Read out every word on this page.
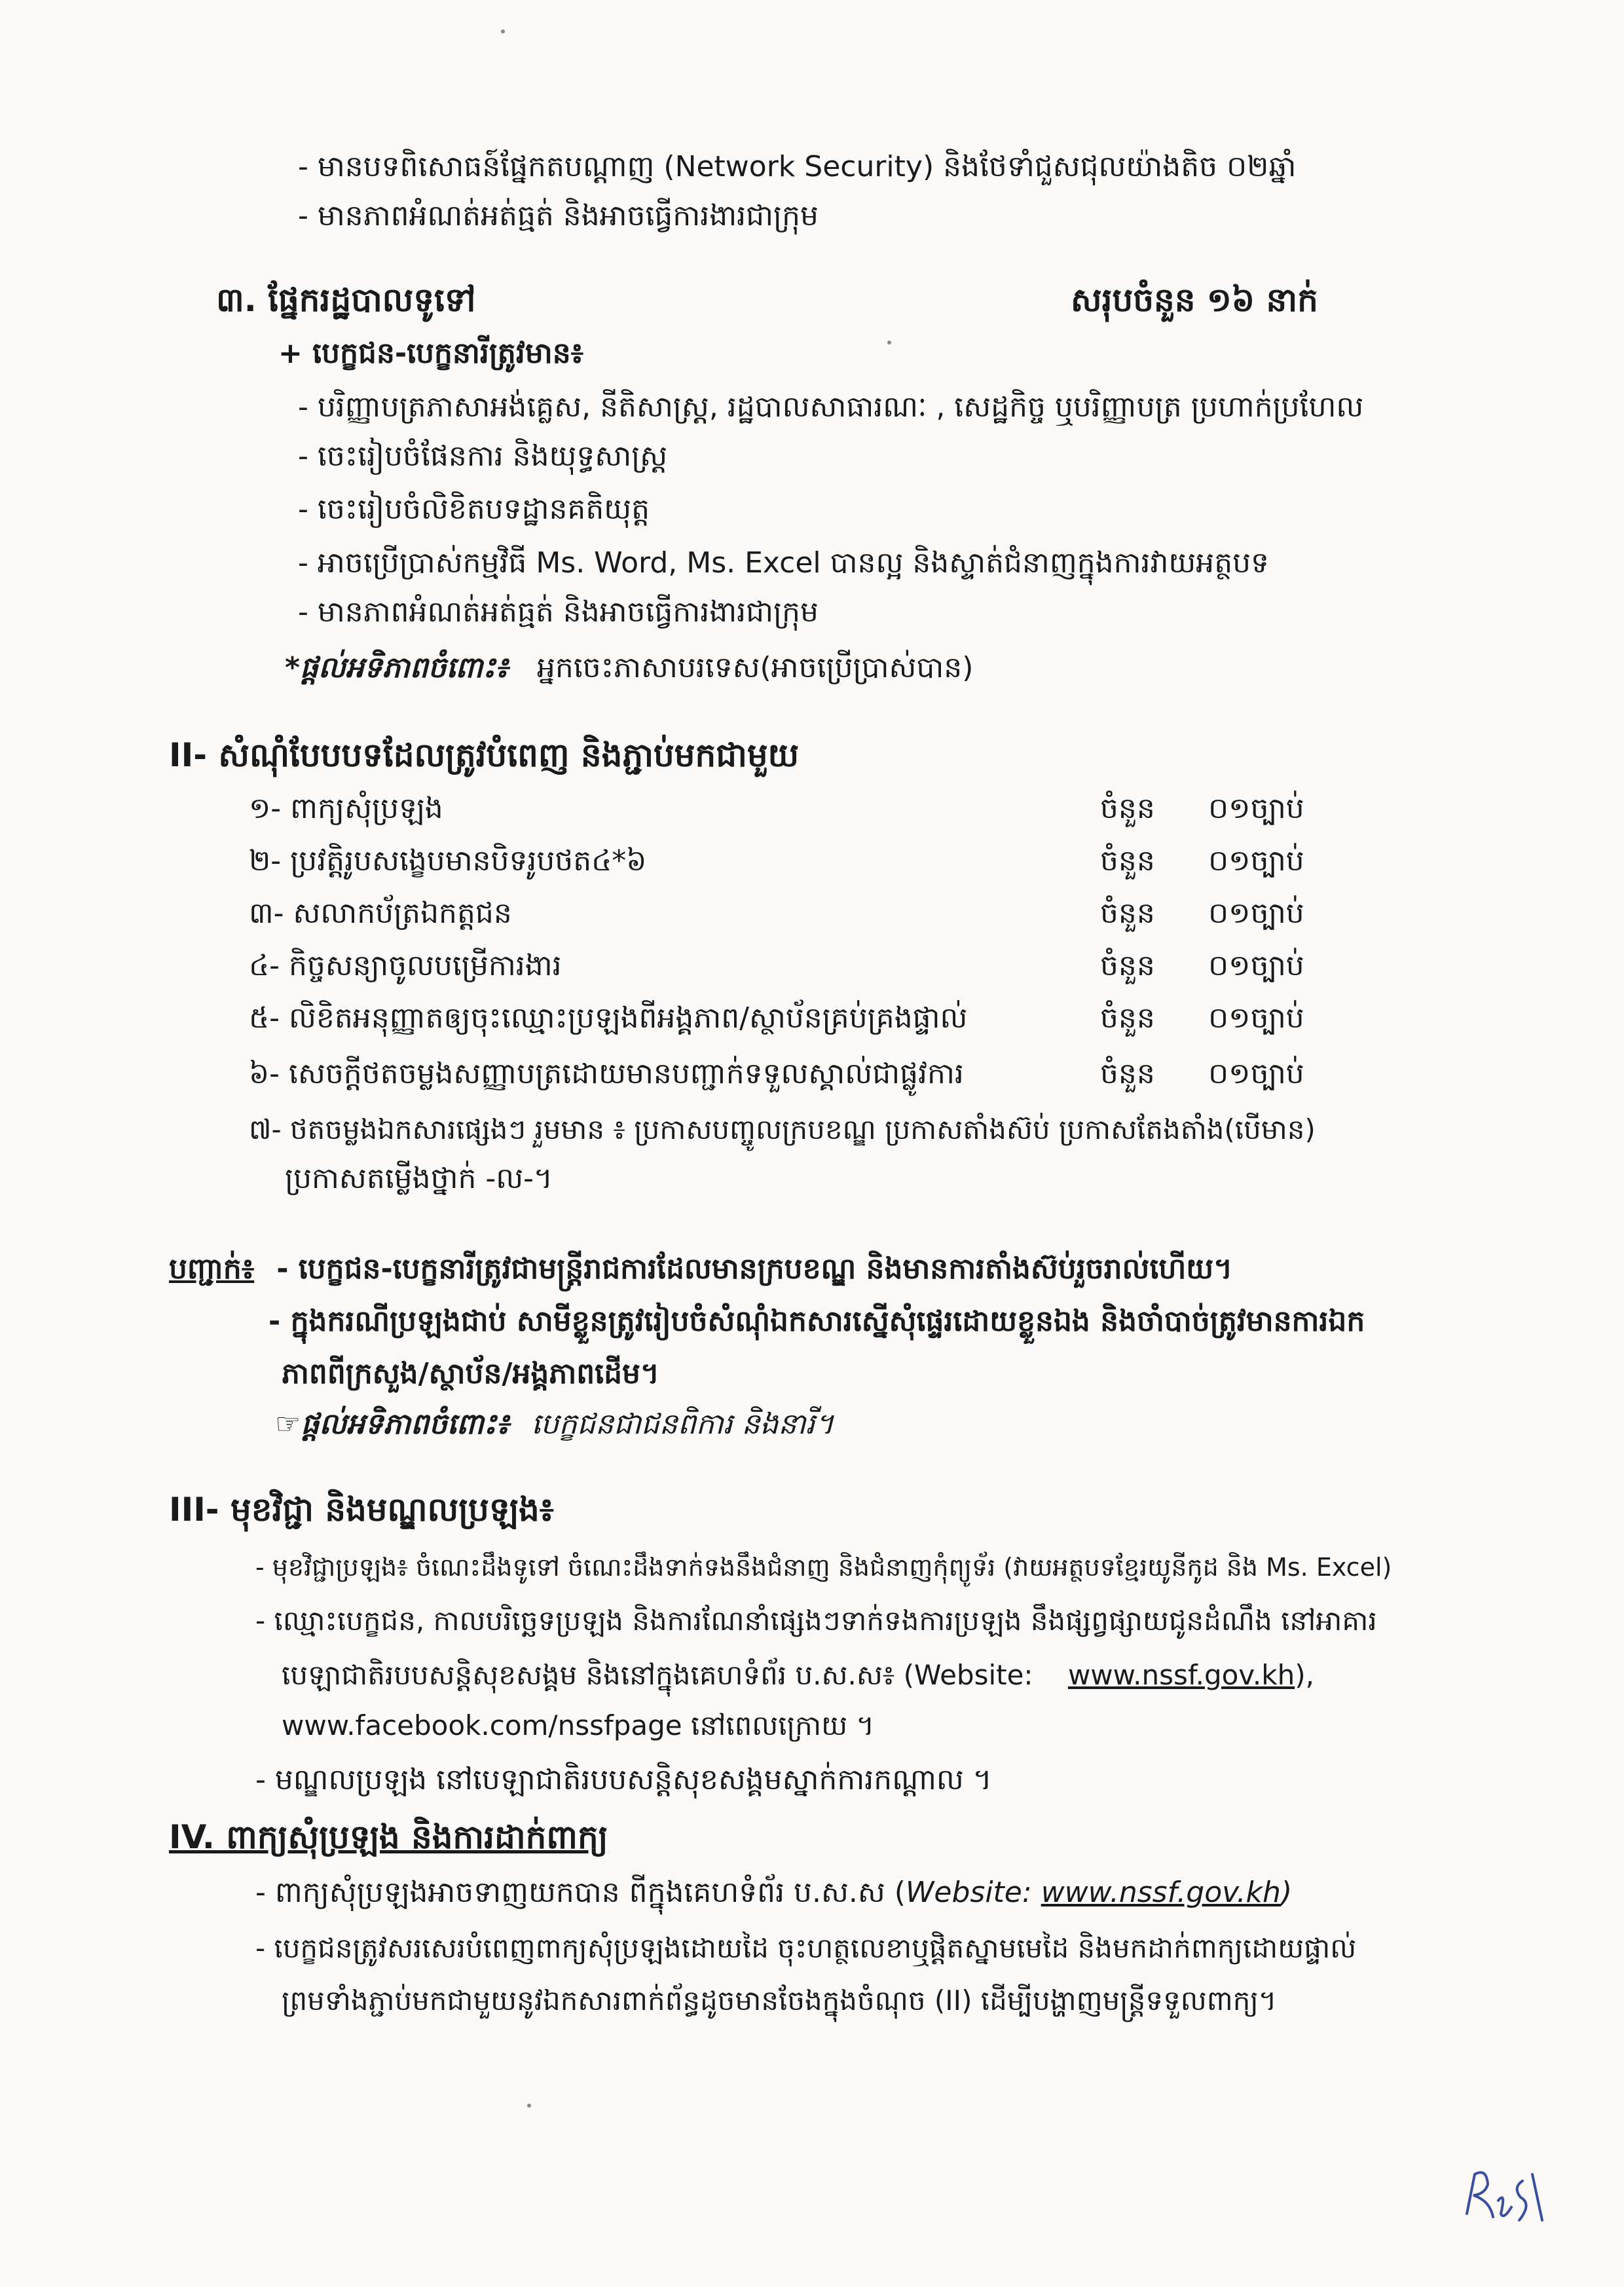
- មានបទពិសោធន៍ផ្នែកតបណ្ដាញ (Network Security) និងថែទាំជួសជុលយ៉ាងតិច ០២ឆ្នាំ
- មានភាពអំណត់អត់ធ្មត់ និងអាចធ្វើការងារជាក្រុម
៣. ផ្នែករដ្ឋបាលទូទៅ	សរុបចំនួន ១៦ នាក់
+ បេក្ខជន-បេក្ខនារីត្រូវមាន៖
- បរិញ្ញាបត្រភាសាអង់គ្លេស, នីតិសាស្ត្រ, រដ្ឋបាលសាធារណៈ , សេដ្ឋកិច្ច ឬបរិញ្ញាបត្រ ប្រហាក់ប្រហែល
- ចេះរៀបចំផែនការ និងយុទ្ធសាស្ត្រ
- ចេះរៀបចំលិខិតបទដ្ឋានគតិយុត្ត
- អាចប្រើប្រាស់កម្មវិធី Ms. Word, Ms. Excel បានល្អ និងស្ទាត់ជំនាញក្នុងការវាយអត្ថបទ
- មានភាពអំណត់អត់ធ្មត់ និងអាចធ្វើការងារជាក្រុម
*ផ្តល់អទិភាពចំពោះ៖ អ្នកចេះភាសាបរទេស(អាចប្រើប្រាស់បាន)
II- សំណុំបែបបទដែលត្រូវបំពេញ និងភ្ជាប់មកជាមួយ
១- ពាក្យសុំប្រឡង	ចំនួន ០១ច្បាប់
២- ប្រវត្តិរូបសង្ខេបមានបិទរូបថត៤*៦	ចំនួន ០១ច្បាប់
៣- សលាកប័ត្រឯកត្តជន	ចំនួន ០១ច្បាប់
៤- កិច្ចសន្យាចូលបម្រើការងារ	ចំនួន ០១ច្បាប់
៥- លិខិតអនុញ្ញាតឲ្យចុះឈ្មោះប្រឡងពីអង្គភាព/ស្ថាប័នគ្រប់គ្រងផ្ទាល់	ចំនួន ០១ច្បាប់
៦- សេចក្តីថតចម្លងសញ្ញាបត្រដោយមានបញ្ជាក់ទទួលស្គាល់ជាផ្លូវការ	ចំនួន ០១ច្បាប់
៧- ថតចម្លងឯកសារផ្សេងៗ រួមមាន ៖ ប្រកាសបញ្ចូលក្របខណ្ឌ ប្រកាសតាំងស៊ប់ ប្រកាសតែងតាំង(បើមាន)
ប្រកាសតម្លើងថ្នាក់ -ល-។
បញ្ជាក់៖ - បេក្ខជន-បេក្ខនារីត្រូវជាមន្ត្រីរាជការដែលមានក្របខណ្ឌ និងមានការតាំងស៊ប់រួចរាល់ហើយ។
- ក្នុងករណីប្រឡងជាប់ សាមីខ្លួនត្រូវរៀបចំសំណុំឯកសារស្នើសុំផ្ទេរដោយខ្លួនឯង និងចាំបាច់ត្រូវមានការឯក
ភាពពីក្រសួង/ស្ថាប័ន/អង្គភាពដើម។
☞ផ្តល់អទិភាពចំពោះ៖ បេក្ខជនជាជនពិការ និងនារី។
III- មុខវិជ្ជា និងមណ្ឌលប្រឡង៖
- មុខវិជ្ជាប្រឡង៖ ចំណេះដឹងទូទៅ ចំណេះដឹងទាក់ទងនឹងជំនាញ និងជំនាញកុំព្យូទ័រ (វាយអត្ថបទខ្មែរយូនីកូដ និង Ms. Excel)
- ឈ្មោះបេក្ខជន, កាលបរិច្ឆេទប្រឡង និងការណែនាំផ្សេងៗទាក់ទងការប្រឡង នឹងផ្សព្វផ្សាយជូនដំណឹង នៅអាគារ
បេឡាជាតិរបបសន្តិសុខសង្គម និងនៅក្នុងគេហទំព័រ ប.ស.ស៖ (Website: www.nssf.gov.kh),
www.facebook.com/nssfpage នៅពេលក្រោយ ។
- មណ្ឌលប្រឡង នៅបេឡាជាតិរបបសន្តិសុខសង្គមស្នាក់ការកណ្តាល ។
IV. ពាក្យសុំប្រឡង និងការដាក់ពាក្យ
- ពាក្យសុំប្រឡងអាចទាញយកបាន ពីក្នុងគេហទំព័រ ប.ស.ស (Website: www.nssf.gov.kh)
- បេក្ខជនត្រូវសរសេរបំពេញពាក្យសុំប្រឡងដោយដៃ ចុះហត្ថលេខាឬផ្តិតស្នាមមេដៃ និងមកដាក់ពាក្យដោយផ្ទាល់
ព្រមទាំងភ្ជាប់មកជាមួយនូវឯកសារពាក់ព័ន្ធដូចមានចែងក្នុងចំណុច (II) ដើម្បីបង្ហាញមន្ត្រីទទួលពាក្យ។
